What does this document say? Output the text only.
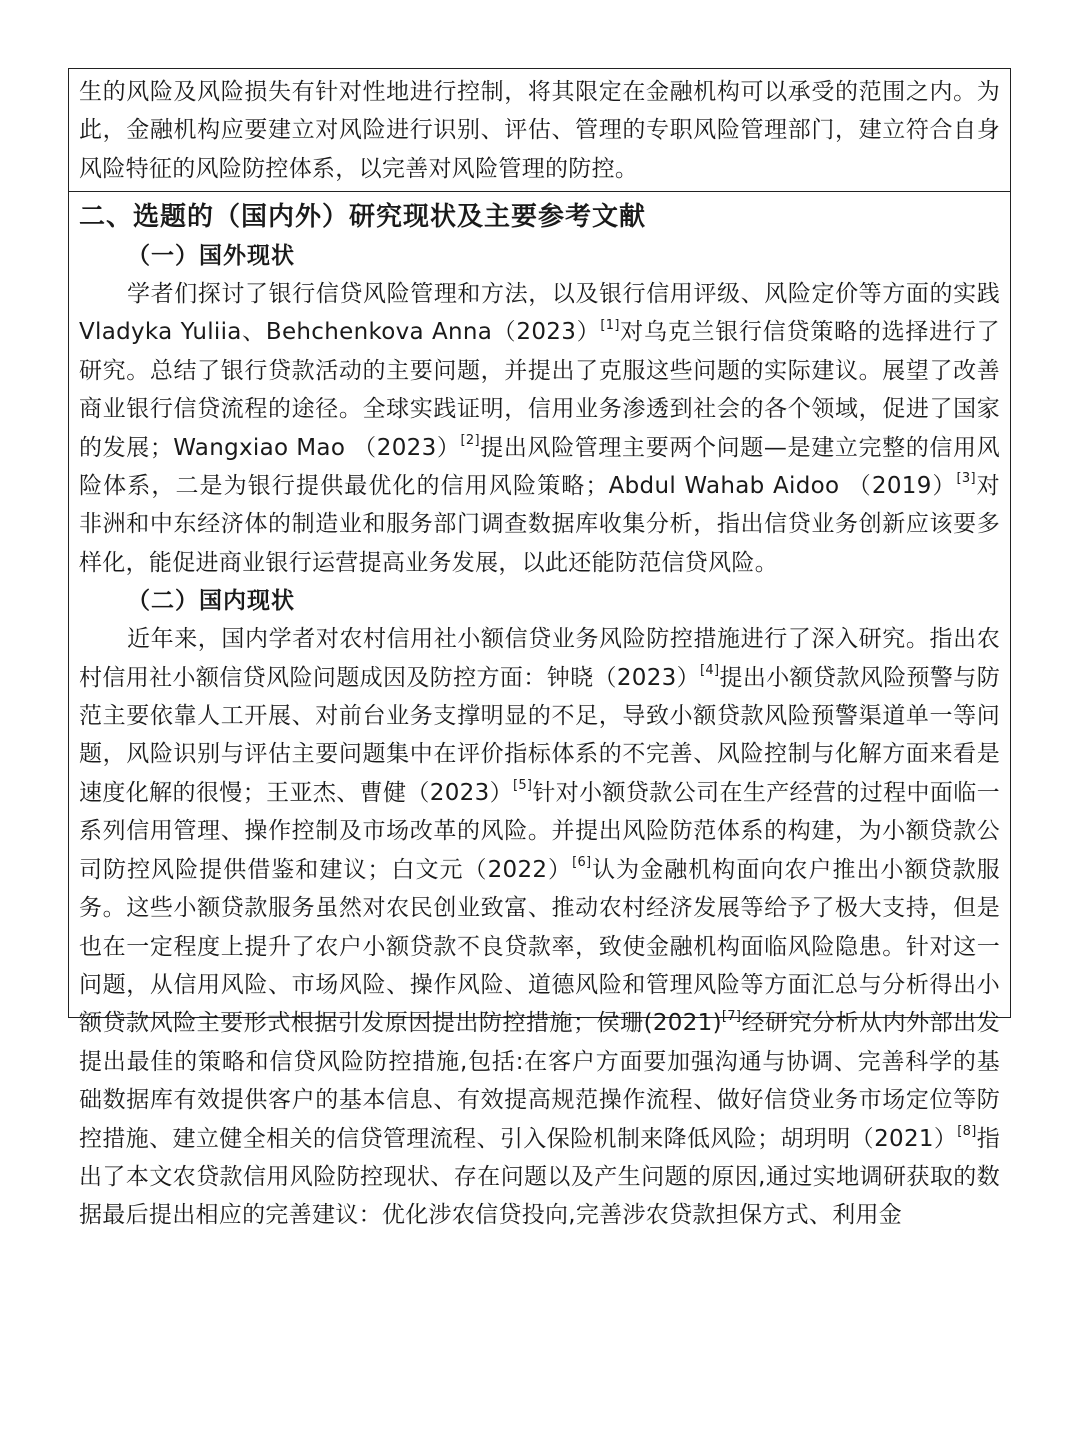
生的风险及风险损失有针对性地进行控制，将其限定在金融机构可以承受的范围之内。为此，金融机构应要建立对风险进行识别、评估、管理的专职风险管理部门，建立符合自身风险特征的风险防控体系，以完善对风险管理的防控。

二、选题的（国内外）研究现状及主要参考文献
（一）国外现状

学者们探讨了银行信贷风险管理和方法，以及银行信用评级、风险定价等方面的实践 Vladyka Yuliia、Behchenkova Anna（2023）[1]对乌克兰银行信贷策略的选择进行了研究。总结了银行贷款活动的主要问题，并提出了克服这些问题的实际建议。展望了改善商业银行信贷流程的途径。全球实践证明，信用业务渗透到社会的各个领域，促进了国家的发展；Wangxiao Mao （2023）[2]提出风险管理主要两个问题—是建立完整的信用风险体系，二是为银行提供最优化的信用风险策略；Abdul Wahab Aidoo （2019）[3]对非洲和中东经济体的制造业和服务部门调查数据库收集分析，指出信贷业务创新应该要多样化，能促进商业银行运营提高业务发展，以此还能防范信贷风险。

（二）国内现状

近年来，国内学者对农村信用社小额信贷业务风险防控措施进行了深入研究。指出农村信用社小额信贷风险问题成因及防控方面：钟晓（2023）[4]提出小额贷款风险预警与防范主要依靠人工开展、对前台业务支撑明显的不足，导致小额贷款风险预警渠道单一等问题，风险识别与评估主要问题集中在评价指标体系的不完善、风险控制与化解方面来看是速度化解的很慢；王亚杰、曹健（2023）[5]针对小额贷款公司在生产经营的过程中面临一系列信用管理、操作控制及市场改革的风险。并提出风险防范体系的构建，为小额贷款公司防控风险提供借鉴和建议；白文元（2022）[6]认为金融机构面向农户推出小额贷款服务。这些小额贷款服务虽然对农民创业致富、推动农村经济发展等给予了极大支持，但是也在一定程度上提升了农户小额贷款不良贷款率，致使金融机构面临风险隐患。针对这一问题，从信用风险、市场风险、操作风险、道德风险和管理风险等方面汇总与分析得出小额贷款风险主要形式根据引发原因提出防控措施；侯珊(2021)[7]经研究分析从内外部出发提出最佳的策略和信贷风险防控措施,包括:在客户方面要加强沟通与协调、完善科学的基础数据库有效提供客户的基本信息、有效提高规范操作流程、做好信贷业务市场定位等防控措施、建立健全相关的信贷管理流程、引入保险机制来降低风险；胡玥明（2021）[8]指出了本文农贷款信用风险防控现状、存在问题以及产生问题的原因,通过实地调研获取的数据最后提出相应的完善建议：优化涉农信贷投向,完善涉农贷款担保方式、利用金
